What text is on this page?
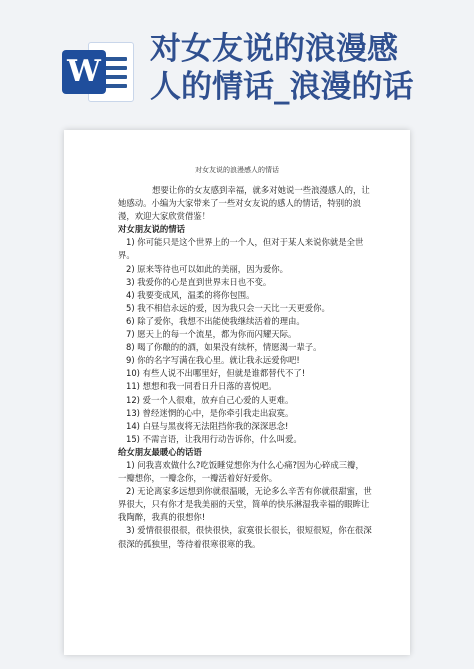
W
对女友说的浪漫感
人的情话_浪漫的话
对女友说的浪漫感人的情话

想要让你的女友感到幸福，就多对她说一些浪漫感人的，让她感动。小编为大家带来了一些对女友说的感人的情话，特别的浪漫，欢迎大家欣赏借鉴！

对女朋友说的情话

1) 你可能只是这个世界上的一个人，但对于某人来说你就是全世界。

2) 原来等待也可以如此的美丽，因为爱你。

3) 我爱你的心是直到世界末日也不变。

4) 我要变成风，温柔的将你包围。

5) 我不相信永远的爱，因为我只会一天比一天更爱你。

6) 除了爱你，我想不出能使我继续活着的理由。

7) 愿天上的每一个流星，都为你而闪耀天际。

8) 喝了你酿的的酒，如果没有续杯，情愿渴一辈子。

9) 你的名字写满在我心里。就让我永远爱你吧!

10) 有些人说不出哪里好，但就是谁都替代不了!

11) 想想和我一同看日升日落的喜悦吧。

12) 爱一个人很难，放弃自己心爱的人更难。

13) 曾经迷惘的心中，是你牵引我走出寂寞。

14) 白昼与黑夜将无法阻挡你我的深深思念!

15) 不需言语，让我用行动告诉你，什么叫爱。

给女朋友最暖心的话语

1) 问我喜欢做什么?吃饭睡觉想你为什么心痛?因为心碎成三瓣，一瓣想你，一瓣念你，一瓣活着好好爱你。

2) 无论离家多远想到你就很温暖，无论多么辛苦有你就很甜蜜，世界很大，只有你才是我美丽的天堂，简单的快乐淋湿我幸福的眼眸让我陶醉，我真的很想你!

3) 爱情很很很很，很快很快，寂寞很长很长，很短很短，你在很深很深的孤独里，等待着很寒很寒的我。
